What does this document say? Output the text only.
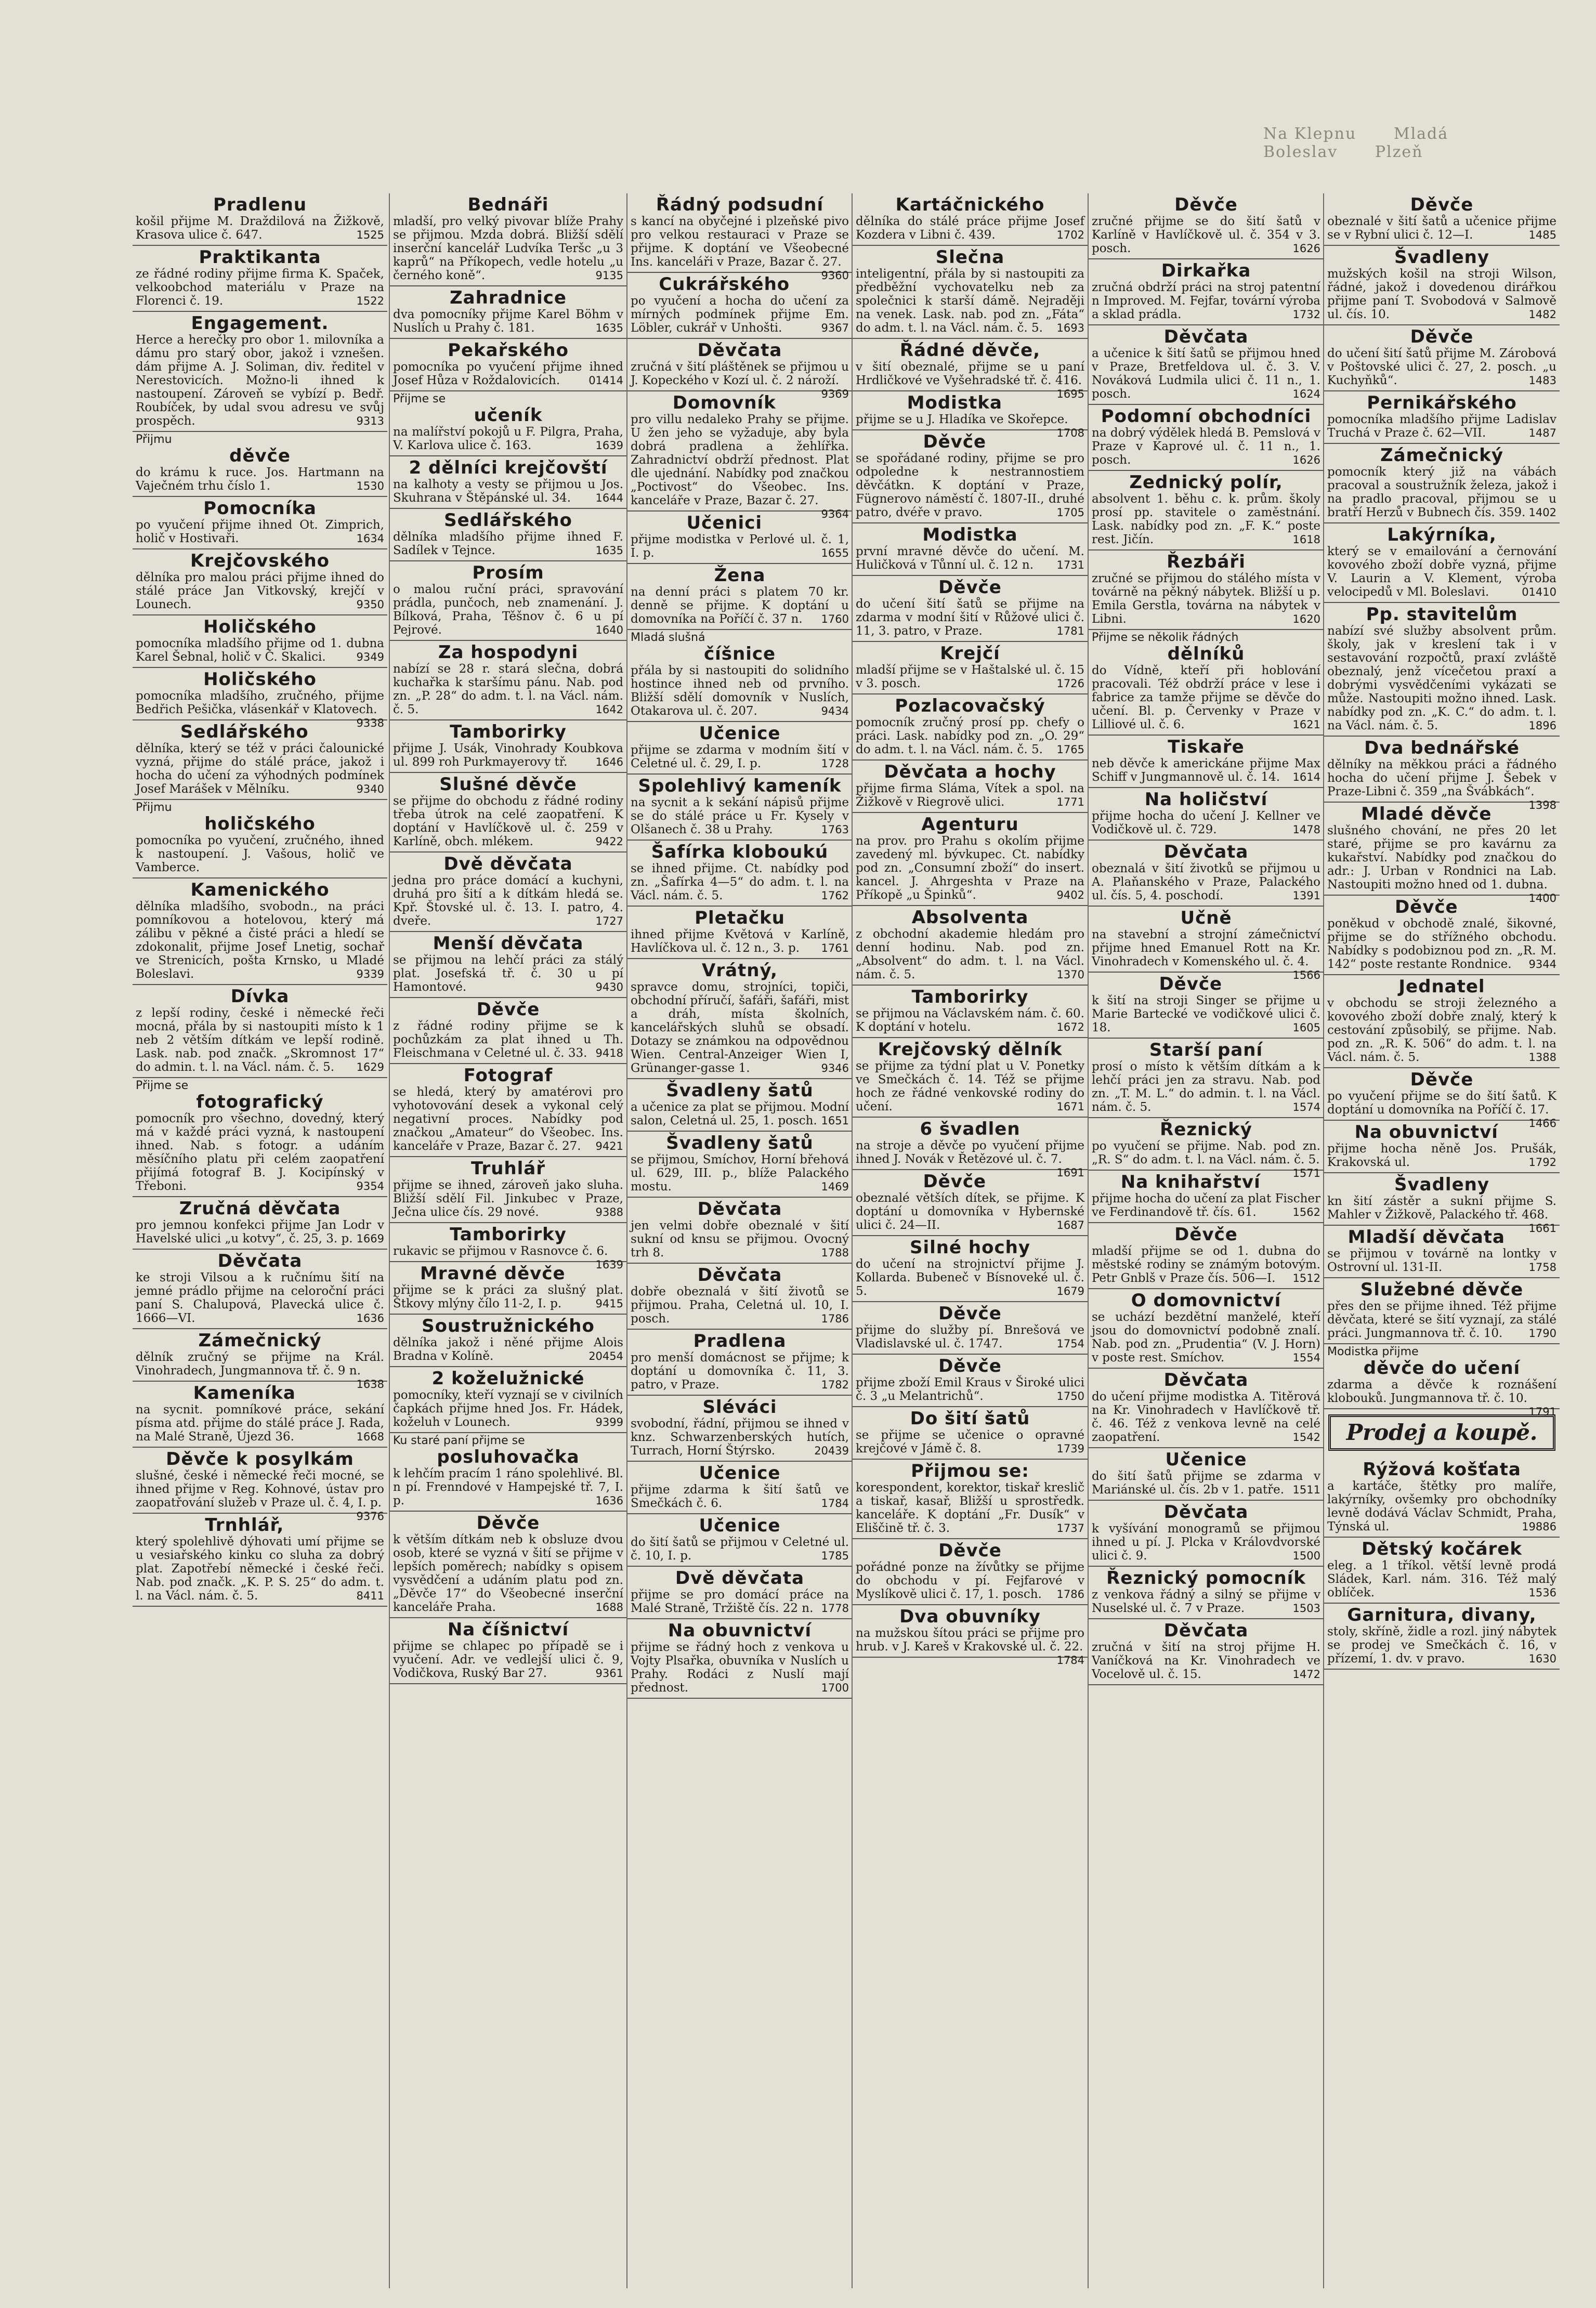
Na Klepnu Mladá Boleslav Plzeň
Pradlenu

košil přijme M. Draždilová na Žižkově, Krasova ulice č. 647.	1525

Praktikanta

ze řádné rodiny přijme firma K. Spaček, velkoobchod materiálu v Praze na Florenci č. 19.	1522

Engagement.

Herce a herečky pro obor 1. milovníka a dámu pro starý obor, jakož i vznešen. dám přijme A. J. Soliman, div. ředitel v Nerestovicích. Možno-li ihned k nastoupení. Zároveň se vybízí p. Bedř. Roubíček, by udal svou adresu ve svůj prospěch.	9313

Přijmu
děvče

do krámu k ruce. Jos. Hartmann na Vaječném trhu číslo 1.	1530

Pomocníka

po vyučení přijme ihned Ot. Zimprich, holič v Hostivaři.	1634

Krejčovského

dělníka pro malou práci přijme ihned do stálé práce Jan Vitkovský, krejčí v Lounech.	9350

Holičského

pomocníka mladšího přijme od 1. dubna Karel Šebnal, holič v Č. Skalici.	9349

Holičského

pomocníka mladšího, zručného, přijme Bedřich Pešička, vlásenkář v Klatovech.
9338

Sedlářského

dělníka, který se též v práci čalounické vyzná, přijme do stálé práce, jakož i hocha do učení za výhodných podmínek Josef Marášek v Mělníku.	9340

Přijmu
holičského

pomocníka po vyučení, zručného, ihned k nastoupení. J. Vašous, holič ve Vamberce.

Kamenického

dělníka mladšího, svobodn., na práci pomníkovou a hotelovou, který má zálibu v pěkné a čisté práci a hledí se zdokonalit, přijme Josef Lnetig, sochař ve Strenicích, pošta Krnsko, u Mladé Boleslavi.	9339

Dívka

z lepší rodiny, české i německé řeči mocná, přála by si nastoupiti místo k 1 neb 2 větším dítkám ve lepší rodině. Lask. nab. pod značk. „Skromnost 17“ do admin. t. l. na Václ. nám. č. 5. 1629

Přijme se
fotografický

pomocník pro všechno, dovedný, který má v každé práci vyzná, k nastoupení ihned. Nab. s fotogr. a udáním měsíčního platu při celém zaopatření přijímá fotograf B. J. Kocipínský v Třeboni.	9354

Zručná děvčata

pro jemnou konfekci přijme Jan Lodr v Havelské ulici „u kotvy“, č. 25, 3. p. 1669

Děvčata

ke stroji Vilsou a k ručnímu šití na jemné prádlo přijme na celoroční práci paní S. Chalupová, Plavecká ulice č. 1666—VI.	1636

Zámečnický

dělník zručný se přijme na Král. Vinohradech, Jungmannova tř. č. 9 n.
1638

Kameníka

na sycnit. pomníkové práce, sekání písma atd. přijme do stálé práce J. Rada, na Malé Straně, Újezd 36.	1668

Děvče k posylkám

slušné, české i německé řeči mocné, se ihned přijme v Reg. Kohnové, ústav pro zaopatřování služeb v Praze ul. č. 4, I. p.
9376

Trnhlář,

který spolehlivě dýhovati umí přijme se u vesiařského kinku co sluha za dobrý plat. Zapotřebí německé i české řeči. Nab. pod značk. „K. P. S. 25“ do adm. t. l. na Václ. nám. č. 5.	8411

Bednáři

mladší, pro velký pivovar blíže Prahy se přijmou. Mzda dobrá. Bližší sdělí inserční kancelář Ludvíka Teršc „u 3 kaprů“ na Příkopech, vedle hotelu „u černého koně“.	9135

Zahradnice

dva pomocníky přijme Karel Böhm v Nuslích u Prahy č. 181.	1635

Pekařského

pomocníka po vyučení přijme ihned Josef Hůza v Roždalovicích.	01414

Přijme se
učeník

na malířství pokojů u F. Pilgra, Praha, V. Karlova ulice č. 163.	1639

2 dělníci krejčovští

na kalhoty a vesty se přijmou u Jos. Skuhrana v Štěpánské ul. 34. 1644

Sedlářského

dělníka mladšího přijme ihned F. Sadílek v Tejnce.	1635

Prosím

o malou ruční práci, spravování prádla, punčoch, neb znamenání. J. Bílková, Praha, Těšnov č. 6 u pí Pejrové.	1640

Za hospodyni

nabízí se 28 r. stará slečna, dobrá kuchařka k staršímu pánu. Nab. pod zn. „P. 28“ do adm. t. l. na Václ. nám. č. 5.	1642

Tamborirky

přijme J. Usák, Vinohrady Koubkova ul. 899 roh Purkmayerovy tř.	1646

Slušné děvče

se přijme do obchodu z řádné rodiny třeba útrok na celé zaopatření. K doptání v Havlíčkově ul. č. 259 v Karlíně, obch. mlékem.	9422

Dvě děvčata

jedna pro práce domácí a kuchyni, druhá pro šití a k dítkám hledá se. Kpř. Štovské ul. č. 13. I. patro, 4. dveře.	1727

Menší děvčata

se přijmou na lehčí práci za stálý plat. Josefská tř. č. 30 u pí Hamontové.	9430

Děvče

z řádné rodiny přijme se k pochůzkám za plat ihned u Th. Fleischmana v Celetné ul. č. 33. 9418

Fotograf

se hledá, který by amatérovi pro vyhotovování desek a vykonal celý negativní proces. Nabídky pod značkou „Amateur“ do Všeobec. Ins. kanceláře v Praze, Bazar č. 27. 9421

Truhlář

přijme se ihned, zároveň jako sluha. Bližší sdělí Fil. Jinkubec v Praze, Ječna ulice čís. 29 nové.	9388

Tamborirky

rukavic se přijmou v Rasnovce č. 6.
1639

Mravné děvče

přijme se k práci za slušný plat. Štkovy mlýny čílo 11-2, I. p.	9415

Soustružnického

dělníka jakož i něné přijme Alois Bradna v Kolíně.	20454

2 koželužnické

pomocníky, kteří vyznají se v civilních čapkách přijme hned Jos. Fr. Hádek, koželuh v Lounech.	9399

Ku staré paní přijme se
posluhovačka

k lehčím pracím 1 ráno spolehlivé. Bl. n pí. Frenndové v Hampejské tř. 7, I. p.	1636

Děvče

k větším dítkám neb k obsluze dvou osob, které se vyzná v šití se přijme v lepších poměrech; nabídky s opisem vysvědčení a udáním platu pod zn. „Děvče 17“ do Všeobecné inserční kanceláře Praha.	1688

Na číšnictví

přijme se chlapec po případě se i vyučení. Adr. ve vedlejší ulici č. 9, Vodičkova, Ruský Bar 27.	9361

Řádný podsudní

s kancí na obyčejné i plzeňské pivo pro velkou restauraci v Praze se přijme. K doptání ve Všeobecné Ins. kanceláři v Praze, Bazar č. 27.
9360

Cukrářského

po vyučení a hocha do učení za mírných podmínek přijme Em. Löbler, cukrář v Unhošti.	9367

Děvčata

zručná v šití pláštěnek se přijmou u J. Kopeckého v Kozí ul. č. 2 nároží.
9369

Domovník

pro villu nedaleko Prahy se přijme. U žen jeho se vyžaduje, aby byla dobrá pradlena a žehlířka. Zahradnictví obdrží přednost. Plat dle ujednání. Nabídky pod značkou „Poctivost“ do Všeobec. Ins. kanceláře v Praze, Bazar č. 27.
9364

Učenici

přijme modistka v Perlové ul. č. 1, I. p.	1655

Žena

na denní práci s platem 70 kr. denně se přijme. K doptání u domovníka na Poříčí č. 37 n. 1760

Mladá slušná
číšnice

přála by si nastoupiti do solidního hostince ihned neb od prvního. Bližší sdělí domovník v Nuslích, Otakarova ul. č. 207.	9434

Učenice

přijme se zdarma v modním šití v Celetné ul. č. 29, I. p.	1728

Spolehlivý kameník

na sycnit a k sekání nápisů přijme se do stálé práce u Fr. Kysely v Olšanech č. 38 u Prahy.	1763

Šafírka kloboukú

se ihned přijme. Ct. nabídky pod zn. „Šafírka 4—5“ do adm. t. l. na Václ. nám. č. 5.	1762

Pletačku

ihned přijme Květová v Karlíně, Havlíčkova ul. č. 12 n., 3. p. 1761

Vrátný,

spravce domu, strojníci, topiči, obchodní příručí, šafáři, šafáři, mist a dráh, místa školních, kancelářských sluhů se obsadí. Dotazy se známkou na odpovědnou Wien. Central-Anzeiger Wien I, Grünanger-gasse 1.	9346

Švadleny šatů

a učenice za plat se přijmou. Modní salon, Celetná ul. 25, 1. posch. 1651

Švadleny šatů

se přijmou, Smíchov, Horní břehová ul. 629, III. p., blíže Palackého mostu.	1469

Děvčata

jen velmi dobře obeznalé v šití sukní od knsu se přijmou. Ovocný trh 8.	1788

Děvčata

dobře obeznalá v šití životů se přijmou. Praha, Celetná ul. 10, I. posch.	1786

Pradlena

pro menší domácnost se přijme; k doptání u domovníka č. 11, 3. patro, v Praze.	1782

Sléváci

svobodní, řádní, přijmou se ihned v knz. Schwarzenberských hutích, Turrach, Horní Štýrsko.	20439

Učenice

přijme zdarma k šití šatů ve Smečkách č. 6.	1784

Učenice

do šití šatů se přijmou v Celetné ul. č. 10, I. p.	1785

Dvě děvčata

přijme se pro domácí práce na Malé Straně, Tržiště čís. 22 n. 1778

Na obuvnictví

přijme se řádný hoch z venkova u Vojty Plsařka, obuvníka v Nuslích u Prahy. Rodáci z Nuslí mají přednost.	1700

Kartáčnického

dělníka do stálé práce přijme Josef Kozdera v Libni č. 439.	1702

Slečna

inteligentní, přála by si nastoupiti za předběžní vychovatelku neb za společnici k starší dámě. Nejraději na venek. Lask. nab. pod zn. „Fáta“ do adm. t. l. na Václ. nám. č. 5. 1693

Řádné děvče,

v šití obeznalé, přijme se u paní Hrdličkové ve Vyšehradské tř. č. 416.
1695

Modistka

přijme se u J. Hladíka ve Skořepce.
1708

Děvče

se spořádané rodiny, přijme se pro odpoledne k nestrannostiem děvčátkn. K doptání v Praze, Fügnerovo náměstí č. 1807-II., druhé patro, dvéře v pravo.	1705

Modistka

první mravné děvče do učení. M. Huličková v Tůnní ul. č. 12 n. 1731

Děvče

do učení šití šatů se přijme na zdarma v modní šití v Růžové ulici č. 11, 3. patro, v Praze.	1781

Krejčí

mladší přijme se v Haštalské ul. č. 15 v 3. posch.	1726

Pozlacovačský

pomocník zručný prosí pp. chefy o práci. Lask. nabídky pod zn. „O. 29“ do adm. t. l. na Václ. nám. č. 5. 1765

Děvčata a hochy

přijme firma Sláma, Vítek a spol. na Žižkově v Riegrově ulici.	1771

Agenturu

na prov. pro Prahu s okolím přijme zavedený ml. bývkupec. Ct. nabídky pod zn. „Consumní zboží“ do insert. kancel. J. Ahrgeshta v Praze na Příkopě „u Špinků“.	9402

Absolventa

z obchodní akademie hledám pro denní hodinu. Nab. pod zn. „Absolvent“ do adm. t. l. na Václ. nám. č. 5.	1370

Tamborirky

se přijmou na Václavském nám. č. 60. K doptání v hotelu.	1672

Krejčovský dělník

se přijme za týdní plat u V. Ponetky ve Smečkách č. 14. Též se přijme hoch ze řádné venkovské rodiny do učení.	1671

6 švadlen

na stroje a děvče po vyučení přijme ihned J. Novák v Řetězové ul. č. 7.
1691

Děvče

obeznalé větších dítek, se přijme. K doptání u domovníka v Hybernské ulici č. 24—II.	1687

Silné hochy

do učení na strojnictví přijme J. Kollarda. Bubeneč v Bísnoveké ul. č. 5.	1679

Děvče

přijme do služby pí. Bnrešová ve Vladislavské ul. č. 1747.	1754

Děvče

přijme zboží Emil Kraus v Široké ulici č. 3 „u Melantrichů“.	1750

Do šití šatů

se přijme se učenice o opravné krejčové v Jámě č. 8.	1739

Přijmou se:

korespondent, korektor, tiskař kreslič a tiskař, kasař, Bližší u sprostředk. kanceláře. K doptání „Fr. Dusík“ v Eliščině tř. č. 3.	1737

Děvče

pořádné ponze na žívůtky se přijme do obchodu v pí. Fejfarové v Myslíkově ulici č. 17, 1. posch. 1786

Dva obuvníky

na mužskou šítou práci se přijme pro hrub. v J. Kareš v Krakovské ul. č. 22.
1784

Děvče

zručné přijme se do šití šatů v Karlíně v Havlíčkově ul. č. 354 v 3. posch.	1626

Dirkařka

zručná obdrží práci na stroj patentní n Improved. M. Fejfar, tovární výroba a sklad prádla.	1732

Děvčata

a učenice k šití šatů se přijmou hned v Praze, Bretfeldova ul. č. 3. V. Nováková Ludmila ulici č. 11 n., 1. posch.	1624

Podomní obchodníci

na dobrý výdělek hledá B. Pemslová v Praze v Kaprové ul. č. 11 n., 1. posch.	1626

Zednický polír,

absolvent 1. běhu c. k. prům. školy prosí pp. stavitele o zaměstnání. Lask. nabídky pod zn. „F. K.“ poste rest. Jičín.	1618

Řezbáři

zručné se přijmou do stálého místa v továrně na pěkný nábytek. Bližší u p. Emila Gerstla, továrna na nábytek v Libni.	1620

Přijme se několik řádných
dělníků

do Vídně, kteří při hoblování pracovali. Též obdrží práce v lese i fabrice za tamže přijme se děvče do učení. Bl. p. Červenky v Praze v Lilliové ul. č. 6.	1621

Tiskaře

neb děvče k americkáne přijme Max Schiff v Jungmannově ul. č. 14. 1614

Na holičství

přijme hocha do učení J. Kellner ve Vodičkově ul. č. 729.	1478

Děvčata

obeznalá v šití životků se přijmou u A. Plaňanského v Praze, Palackého ul. čís. 5, 4. poschodí.	1391

Učně

na stavební a strojní zámečnictví přijme hned Emanuel Rott na Kr. Vinohradech v Komenského ul. č. 4.
1566

Děvče

k šití na stroji Singer se přijme u Marie Bartecké ve vodičkové ulici č. 18.	1605

Starší paní

prosí o místo k větším dítkám a k lehčí práci jen za stravu. Nab. pod zn. „T. M. L.“ do admin. t. l. na Václ. nám. č. 5.	1574

Řeznický

po vyučení se přijme. Nab. pod zn. „R. S“ do adm. t. l. na Václ. nám. č. 5.
1571

Na knihařství

přijme hocha do učení za plat Fischer ve Ferdinandově tř. čís. 61.	1562

Děvče

mladší přijme se od 1. dubna do městské rodiny se známým botovým. Petr Gnblš v Praze čís. 506—I. 1512

O domovnictví

se uchází bezdětní manželé, kteří jsou do domovnictví podobně znalí. Nab. pod zn. „Prudentia“ (V. J. Horn) v poste rest. Smíchov.	1554

Děvčata

do učení přijme modistka A. Titěrová na Kr. Vinohradech v Havlíčkově tř. č. 46. Též z venkova levně na celé zaopatření.	1542

Učenice

do šití šatů přijme se zdarma v Mariánské ul. čís. 2b v 1. patře. 1511

Děvčata

k vyšívání monogramů se přijmou ihned u pí. J. Plcka v Královdvorské ulici č. 9.	1500

Řeznický pomocník

z venkova řádný a silný se přijme v Nuselské ul. č. 7 v Praze.	1503

Děvčata

zručná v šití na stroj přijme H. Vaníčková na Kr. Vinohradech ve Vocelově ul. č. 15.	1472

Děvče

obeznalé v šití šatů a učenice přijme se v Rybní ulici č. 12—I.	1485

Švadleny

mužských košil na stroji Wilson, řádné, jakož i dovedenou dirářkou přijme paní T. Svobodová v Salmově ul. čís. 10.	1482

Děvče

do učení šití šatů přijme M. Zárobová v Poštovské ulici č. 27, 2. posch. „u Kuchyňků“.	1483

Pernikářského

pomocníka mladšího přijme Ladislav Truchá v Praze č. 62—VII.	1487

Zámečnický

pomocník který již na vábách pracoval a soustružník železa, jakož i na pradlo pracoval, přijmou se u bratří Herzů v Bubnech čís. 359. 1402

Lakýrníka,

který se v emailování a černování kovového zboží dobře vyzná, přijme V. Laurin a V. Klement, výroba velocipedů v Ml. Boleslavi.	01410

Pp. stavitelům

nabízí své služby absolvent prům. školy, jak v kreslení tak i v sestavování rozpočtů, praxí zvláště obeznalý, jenž vícečetou praxí a dobrými vysvědčeními vykázati se může. Nastoupiti možno ihned. Lask. nabídky pod zn. „K. C.“ do adm. t. l. na Václ. nám. č. 5.	1896

Dva bednářské

dělníky na měkkou práci a řádného hocha do učení přijme J. Šebek v Praze-Libni č. 359 „na Švábkách“.
1398

Mladé děvče

slušného chování, ne přes 20 let staré, přijme se pro kavárnu za kukařství. Nabídky pod značkou do adr.: J. Urban v Rondnici na Lab. Nastoupiti možno hned od 1. dubna.
1400

Děvče

poněkud v obchodě znalé, šikovné, přijme se do střížného obchodu. Nabídky s podobiznou pod zn. „R. M. 142“ poste restante Rondnice. 9344

Jednatel

v obchodu se stroji železného a kovového zboží dobře znalý, který k cestování způsobilý, se přijme. Nab. pod zn. „R. K. 506“ do adm. t. l. na Václ. nám. č. 5.	1388

Děvče

po vyučení přijme se do šití šatů. K doptání u domovníka na Poříčí č. 17.
1466

Na obuvnictví

přijme hocha něně Jos. Prušák, Krakovská ul.	1792

Švadleny

kn šití zástěr a sukní přijme S. Mahler v Žižkově, Palackého tř. 468.
1661

Mladší děvčata

se přijmou v továrně na lontky v Ostrovní ul. 131-II.	1758

Služebné děvče

přes den se přijme ihned. Též přijme děvčata, které se šití vyznají, za stálé práci. Jungmannova tř. č. 10. 1790

Modistka přijme
děvče do učení

zdarma a děvče k roznášení klobouků. Jungmannova tř. č. 10.
1791

Prodej a koupě.
Rýžová košťata

a kartáče, štětky pro malíře, lakýrníky, ovšemky pro obchodníky levně dodává Václav Schmidt, Praha, Týnská ul.	19886

Dětský kočárek

eleg. a 1 tříkol. větší levně prodá Sládek, Karl. nám. 316. Též malý oblíček.	1536

Garnitura, divany,

stoly, skříně, židle a rozl. jiný nábytek se prodej ve Smečkách č. 16, v přízemí, 1. dv. v pravo.	1630
